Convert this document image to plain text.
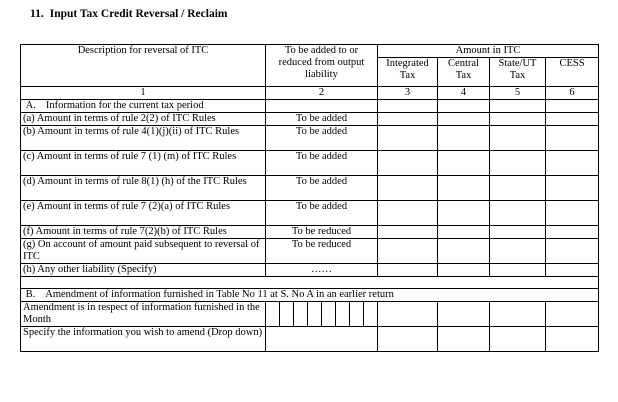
11. Input Tax Credit Reversal / Reclaim
Description for reversal of ITC	To be added to or reduced from output liability	Amount in ITC			
		Integrated Tax	Central Tax	State/UT Tax	CESS
1	2	3	4	5	6
A. Information for the current tax period					
(a) Amount in terms of rule 2(2) of ITC Rules	To be added				
(b) Amount in terms of rule 4(1)(j)(ii) of ITC Rules	To be added				
(c) Amount in terms of rule 7 (1) (m) of ITC Rules	To be added				
(d) Amount in terms of rule 8(1) (h) of the ITC Rules	To be added				
(e) Amount in terms of rule 7 (2)(a) of ITC Rules	To be added				
(f) Amount in terms of rule 7(2)(b) of ITC Rules	To be reduced				
(g) On account of amount paid subsequent to reversal of ITC	To be reduced				
(h) Any other liability (Specify)	……				

B. Amendment of information furnished in Table No 11 at S. No A in an earlier return					
Amendment is in respect of information furnished in the Month	

Specify the information you wish to amend (Drop down)					
